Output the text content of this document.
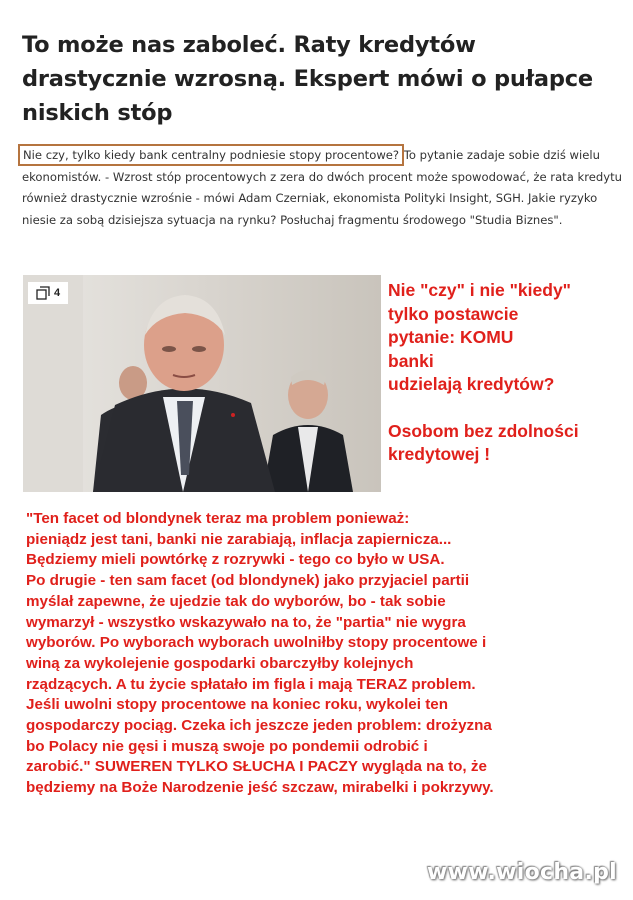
To może nas zaboleć. Raty kredytów drastycznie wzrosną. Ekspert mówi o pułapce niskich stóp
Nie czy, tylko kiedy bank centralny podniesie stopy procentowe? To pytanie zadaje sobie dziś wielu ekonomistów. - Wzrost stóp procentowych z zera do dwóch procent może spowodować, że rata kredytu również drastycznie wzrośnie - mówi Adam Czerniak, ekonomista Polityki Insight, SGH. Jakie ryzyko niesie za sobą dzisiejsza sytuacja na rynku? Posłuchaj fragmentu środowego "Studia Biznes".
4	Nie "czy" i nie "kiedy"
tylko postawcie
pytanie: KOMU
banki
udzielają kredytów?

Osobom bez zdolności
kredytowej !

"Ten facet od blondynek teraz ma problem ponieważ:
pieniądz jest tani, banki nie zarabiają, inflacja zapiernicza...
Będziemy mieli powtórkę z rozrywki - tego co było w USA.
Po drugie - ten sam facet (od blondynek) jako przyjaciel partii
myślał zapewne, że ujedzie tak do wyborów, bo - tak sobie
wymarzył - wszystko wskazywało na to, że "partia" nie wygra
wyborów. Po wyborach wyborach uwolniłby stopy procentowe i
winą za wykolejenie gospodarki obarczyłby kolejnych
rządzących. A tu życie spłatało im figla i mają TERAZ problem.
Jeśli uwolni stopy procentowe na koniec roku, wykolei ten
gospodarczy pociąg. Czeka ich jeszcze jeden problem: drożyzna
bo Polacy nie gęsi i muszą swoje po pondemii odrobić i
zarobić." SUWEREN TYLKO SŁUCHA I PACZY wygląda na to, że
będziemy na Boże Narodzenie jeść szczaw, mirabelki i pokrzywy.

www.wiocha.pl
